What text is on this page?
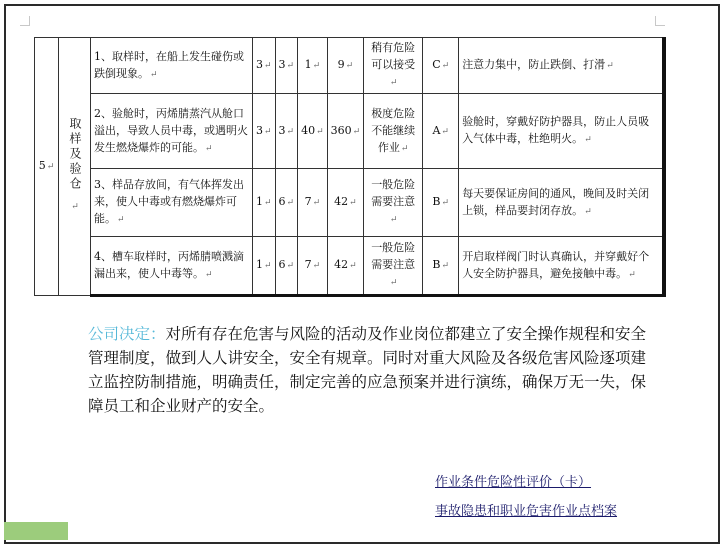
5↵	取样及验仓↵	1、取样时，在船上发生碰伤或跌倒现象。↵	3↵	3↵	1↵	9↵	稍有危险可以接受↵	C↵	注意力集中，防止跌倒、打滑↵
		2、验舱时，丙烯腈蒸汽从舱口溢出，导致人员中毒，或遇明火发生燃烧爆炸的可能。↵	3↵	3↵	40↵	360↵	极度危险不能继续作业↵	A↵	验舱时，穿戴好防护器具，防止人员吸入气体中毒，杜绝明火。↵
		3、样品存放间，有气体挥发出来，使人中毒或有燃烧爆炸可能。↵	1↵	6↵	7↵	42↵	一般危险需要注意↵	B↵	每天要保证房间的通风，晚间及时关闭上锁，样品要封闭存放。↵
		4、槽车取样时，丙烯腈喷溅滴漏出来，使人中毒等。↵	1↵	6↵	7↵	42↵	一般危险需要注意↵	B↵	开启取样阀门时认真确认，并穿戴好个人安全防护器具，避免接触中毒。↵
公司决定：对所有存在危害与风险的活动及作业岗位都建立了安全操作规程和安全管理制度，做到人人讲安全，安全有规章。同时对重大风险及各级危害风险逐项建立监控防制措施，明确责任，制定完善的应急预案并进行演练，确保万无一失，保障员工和企业财产的安全。
作业条件危险性评价（卡）
事故隐患和职业危害作业点档案
